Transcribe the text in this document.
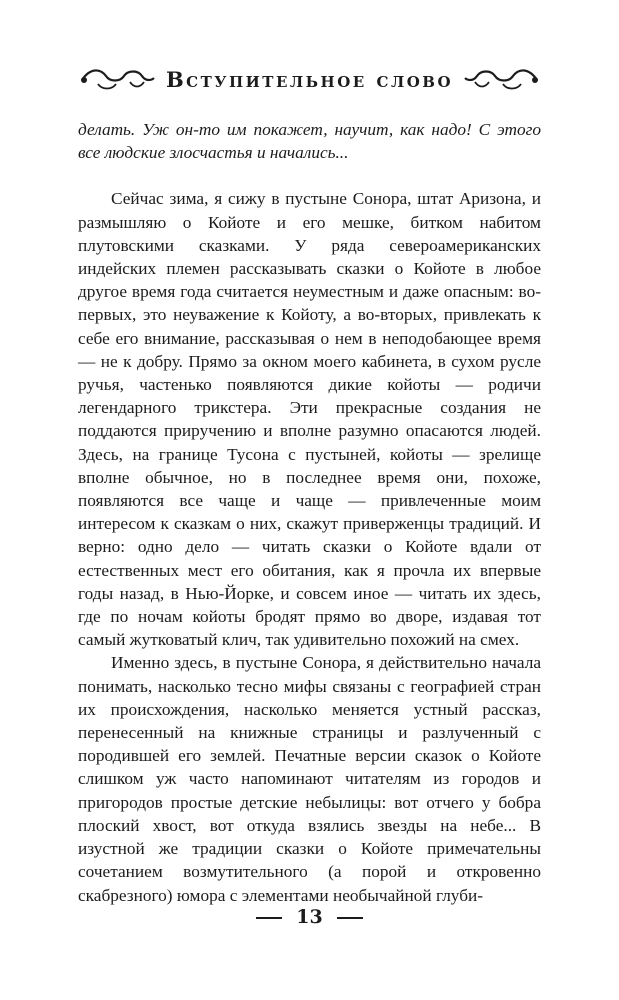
Вступительное слово

делать. Уж он-то им покажет, научит, как надо! С этого все людские злосчастья и начались...

Сейчас зима, я сижу в пустыне Сонора, штат Аризона, и размышляю о Койоте и его мешке, битком набитом плутовскими сказками. У ряда североамериканских индейских племен рассказывать сказки о Койоте в любое другое время года считается неуместным и даже опасным: во-первых, это неуважение к Койоту, а во-вторых, привлекать к себе его внимание, рассказывая о нем в неподобающее время — не к добру. Прямо за окном моего кабинета, в сухом русле ручья, частенько появляются дикие койоты — родичи легендарного трикстера. Эти прекрасные создания не поддаются приручению и вполне разумно опасаются людей. Здесь, на границе Тусона с пустыней, койоты — зрелище вполне обычное, но в последнее время они, похоже, появляются все чаще и чаще — привлеченные моим интересом к сказкам о них, скажут приверженцы традиций. И верно: одно дело — читать сказки о Койоте вдали от естественных мест его обитания, как я прочла их впервые годы назад, в Нью-Йорке, и совсем иное — читать их здесь, где по ночам койоты бродят прямо во дворе, издавая тот самый жутковатый клич, так удивительно похожий на смех.

Именно здесь, в пустыне Сонора, я действительно начала понимать, насколько тесно мифы связаны с географией стран их происхождения, насколько меняется устный рассказ, перенесенный на книжные страницы и разлученный с породившей его землей. Печатные версии сказок о Койоте слишком уж часто напоминают читателям из городов и пригородов простые детские небылицы: вот отчего у бобра плоский хвост, вот откуда взялись звезды на небе... В изустной же традиции сказки о Койоте примечательны сочетанием возмутительного (а порой и откровенно скабрезного) юмора с элементами необычайной глуби-

13
